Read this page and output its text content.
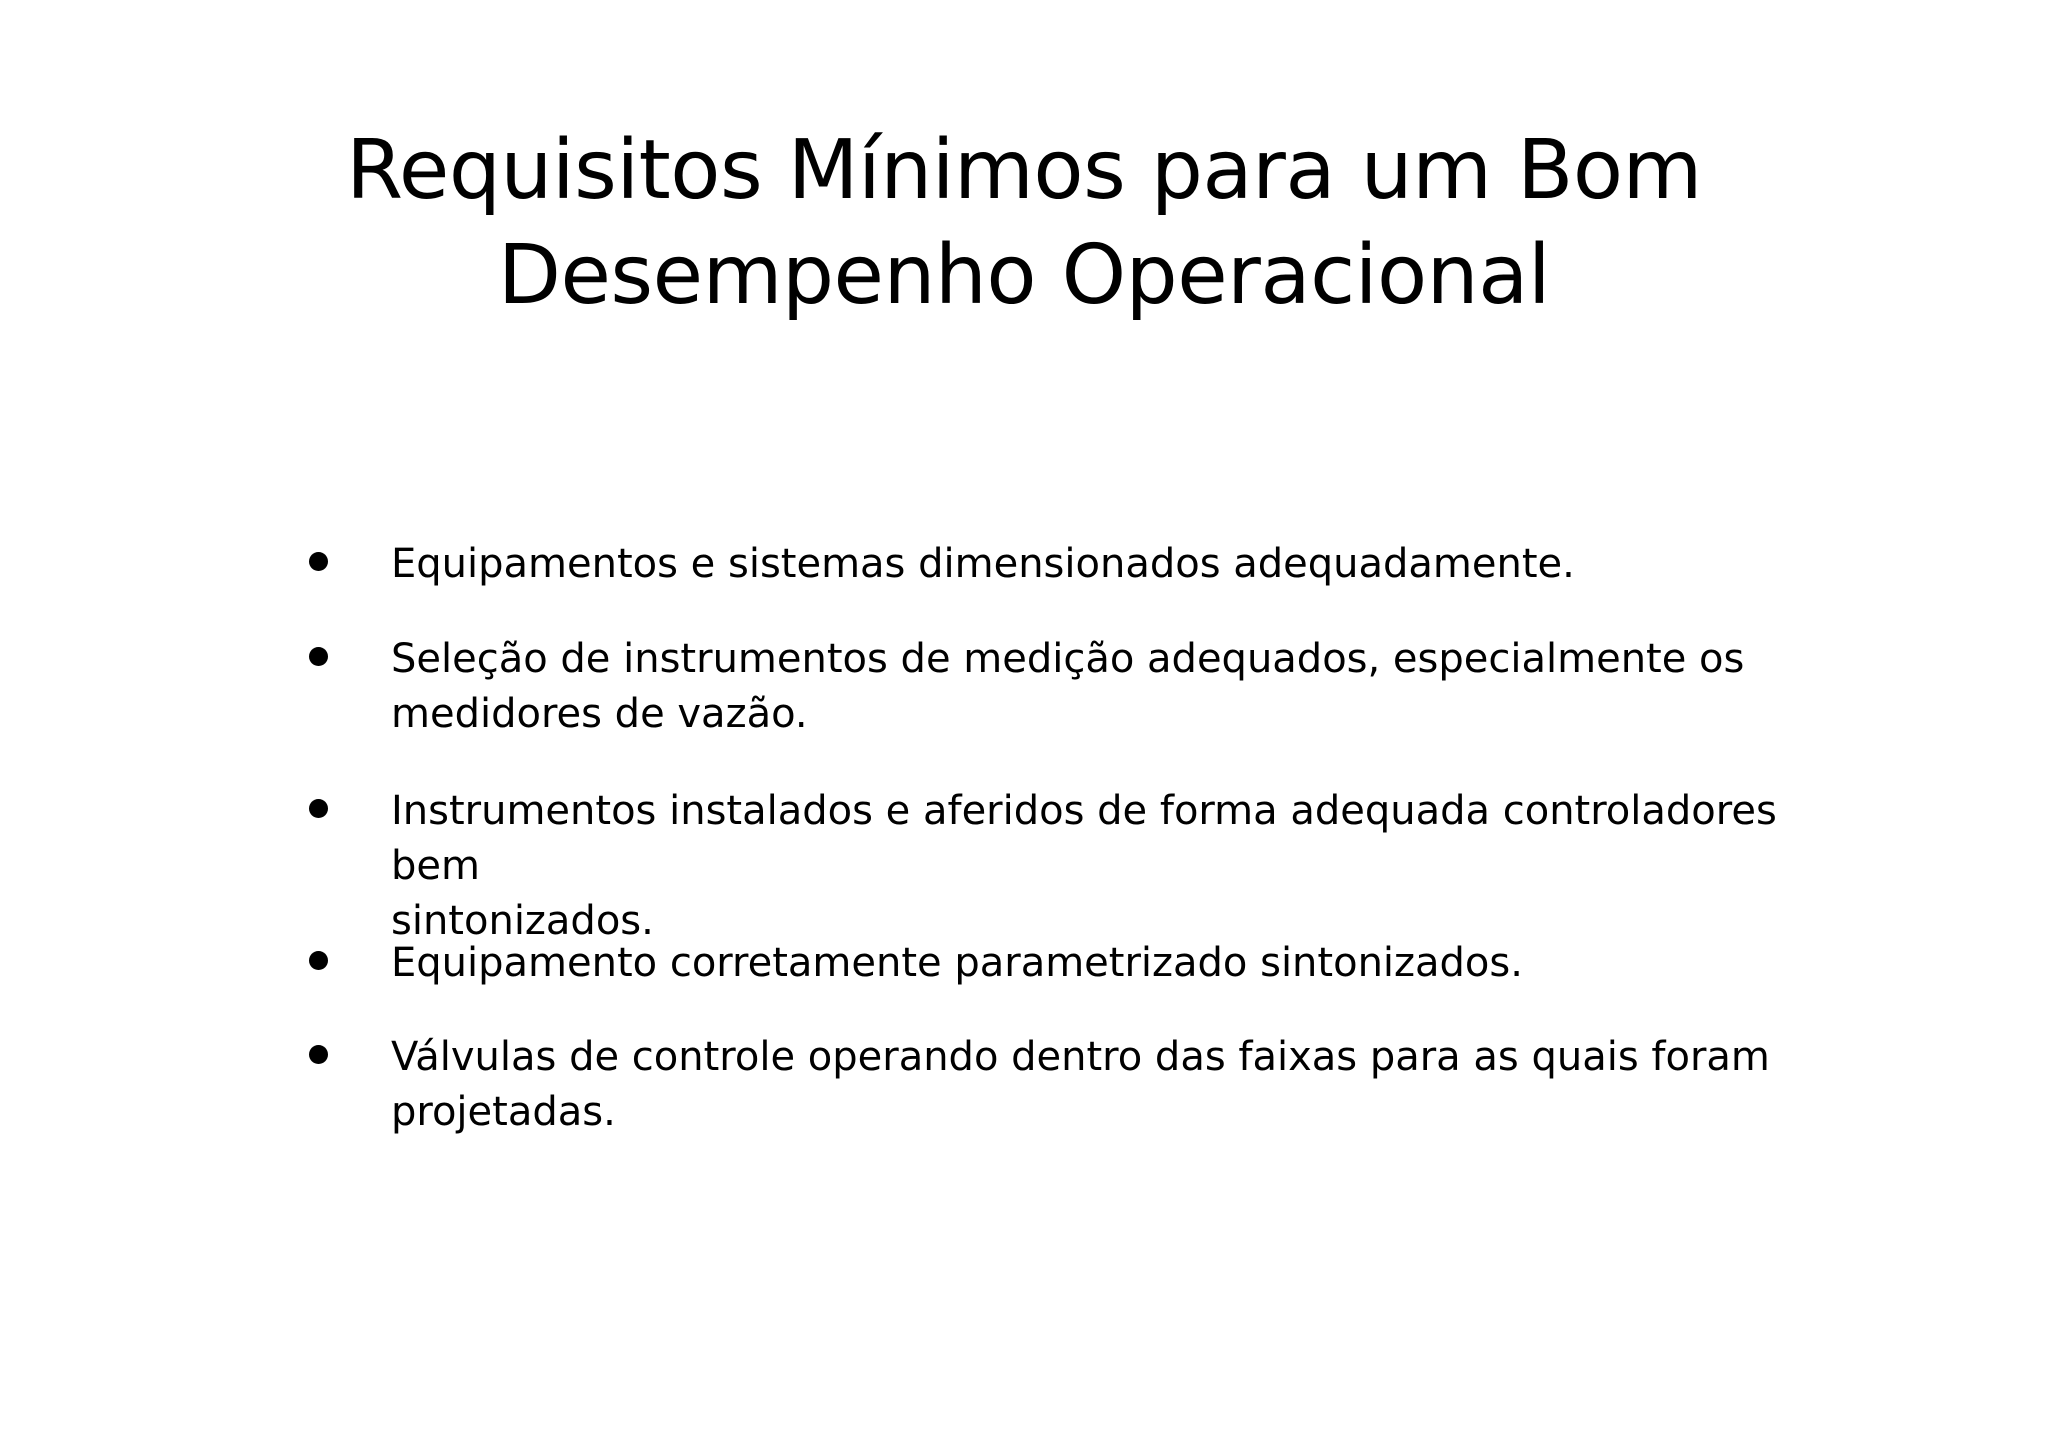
Requisitos Mínimos para um Bom
Desempenho Operacional
Equipamentos e sistemas dimensionados adequadamente.
Seleção de instrumentos de medição adequados, especialmente os
medidores de vazão.
Instrumentos instalados e aferidos de forma adequada controladores bem
sintonizados.
Equipamento corretamente parametrizado sintonizados.
Válvulas de controle operando dentro das faixas para as quais foram
projetadas.
